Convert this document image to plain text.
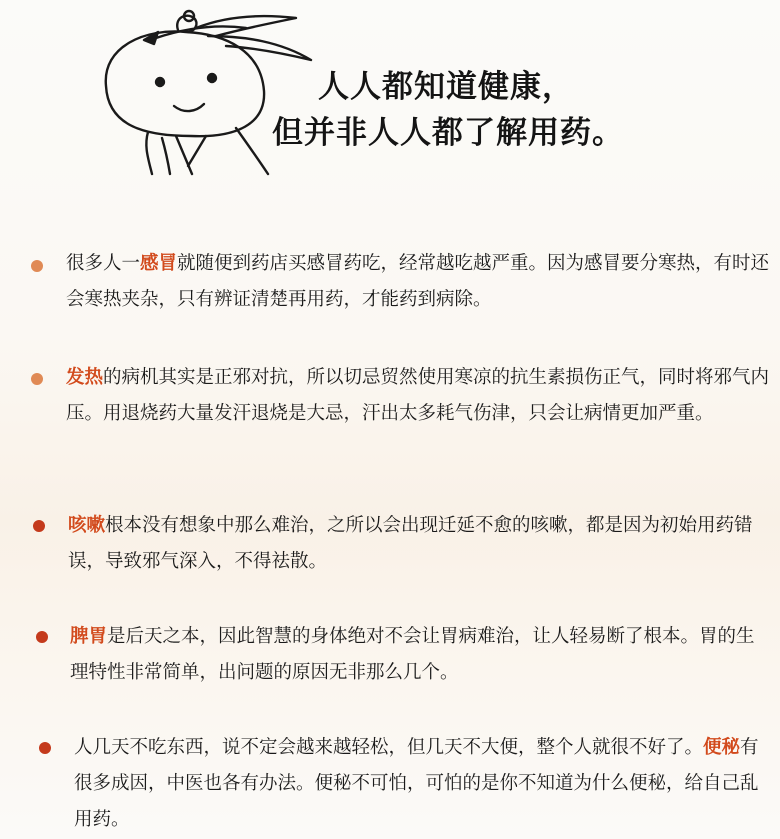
人人都知道健康，
但并非人人都了解用药。

很多人一感冒就随便到药店买感冒药吃，经常越吃越严重。因为感冒要分寒热，有时还会寒热夹杂，只有辨证清楚再用药，才能药到病除。

发热的病机其实是正邪对抗，所以切忌贸然使用寒凉的抗生素损伤正气，同时将邪气内压。用退烧药大量发汗退烧是大忌，汗出太多耗气伤津，只会让病情更加严重。

咳嗽根本没有想象中那么难治，之所以会出现迁延不愈的咳嗽，都是因为初始用药错误，导致邪气深入，不得祛散。

脾胃是后天之本，因此智慧的身体绝对不会让胃病难治，让人轻易断了根本。胃的生理特性非常简单，出问题的原因无非那么几个。

人几天不吃东西，说不定会越来越轻松，但几天不大便，整个人就很不好了。便秘有很多成因，中医也各有办法。便秘不可怕，可怕的是你不知道为什么便秘，给自己乱用药。
